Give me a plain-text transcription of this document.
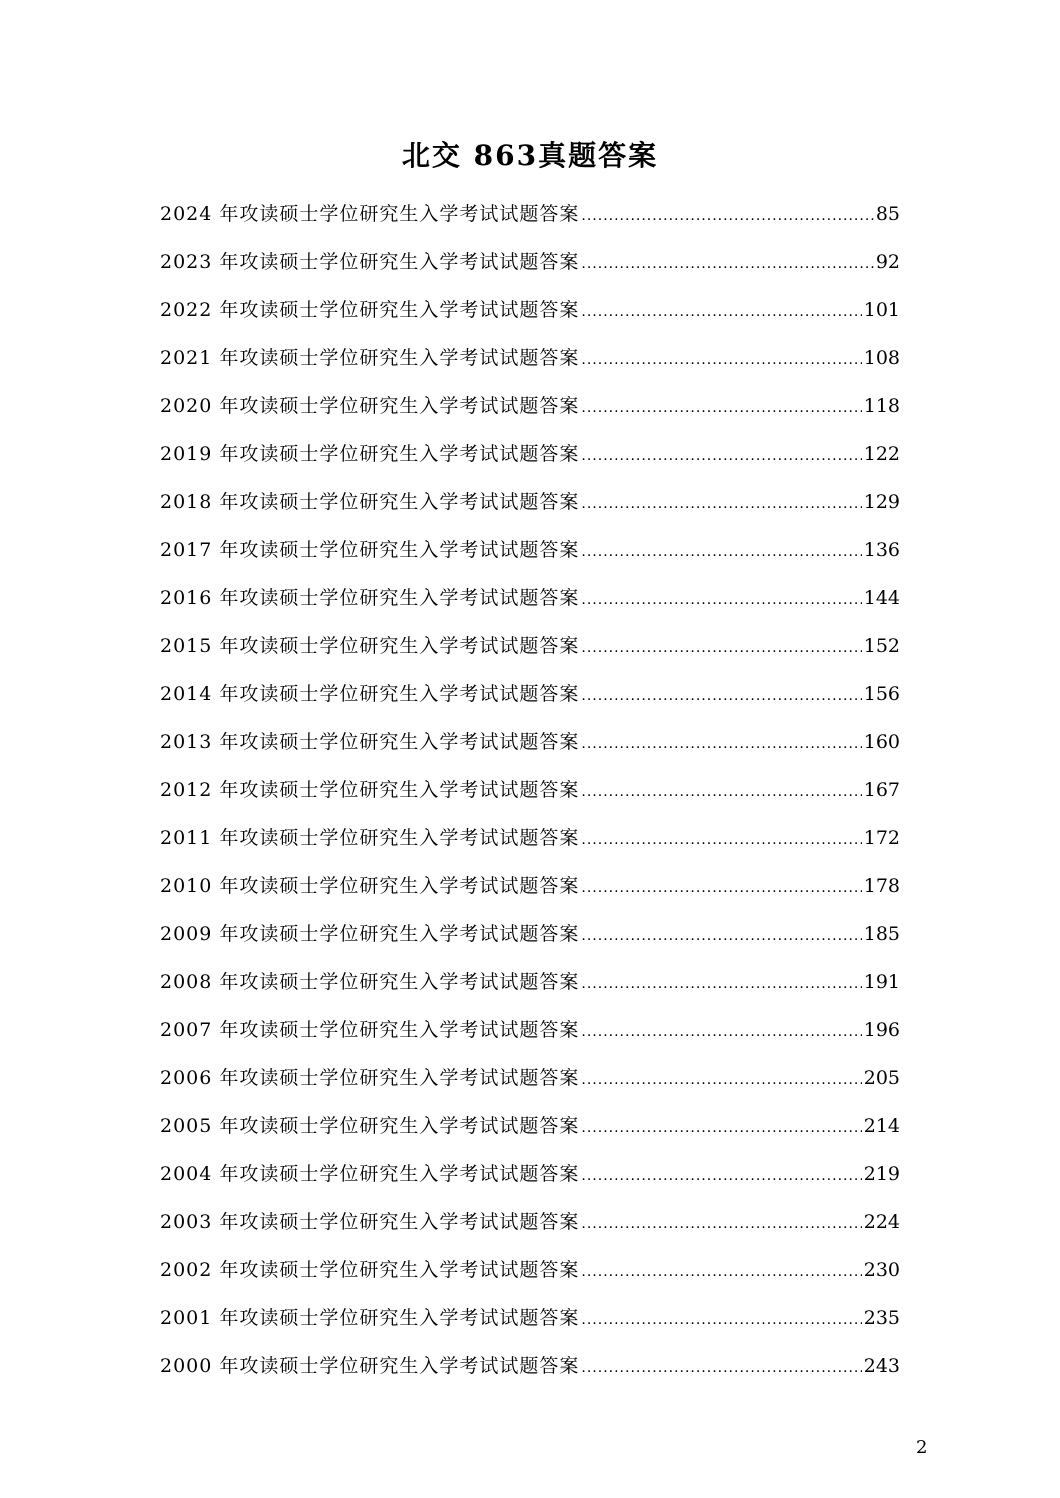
北交 863真题答案
2024 年攻读硕士学位研究生入学考试试题答案 .....	85
2023 年攻读硕士学位研究生入学考试试题答案 .....	92
2022 年攻读硕士学位研究生入学考试试题答案 .....	101
2021 年攻读硕士学位研究生入学考试试题答案 .....	108
2020 年攻读硕士学位研究生入学考试试题答案 .....	118
2019 年攻读硕士学位研究生入学考试试题答案 .....	122
2018 年攻读硕士学位研究生入学考试试题答案 .....	129
2017 年攻读硕士学位研究生入学考试试题答案 .....	136
2016 年攻读硕士学位研究生入学考试试题答案 .....	144
2015 年攻读硕士学位研究生入学考试试题答案 .....	152
2014 年攻读硕士学位研究生入学考试试题答案 .....	156
2013 年攻读硕士学位研究生入学考试试题答案 .....	160
2012 年攻读硕士学位研究生入学考试试题答案 .....	167
2011 年攻读硕士学位研究生入学考试试题答案 .....	172
2010 年攻读硕士学位研究生入学考试试题答案 .....	178
2009 年攻读硕士学位研究生入学考试试题答案 .....	185
2008 年攻读硕士学位研究生入学考试试题答案 .....	191
2007 年攻读硕士学位研究生入学考试试题答案 .....	196
2006 年攻读硕士学位研究生入学考试试题答案 .....	205
2005 年攻读硕士学位研究生入学考试试题答案 .....	214
2004 年攻读硕士学位研究生入学考试试题答案 .....	219
2003 年攻读硕士学位研究生入学考试试题答案 .....	224
2002 年攻读硕士学位研究生入学考试试题答案 .....	230
2001 年攻读硕士学位研究生入学考试试题答案 .....	235
2000 年攻读硕士学位研究生入学考试试题答案 .....	243
2
